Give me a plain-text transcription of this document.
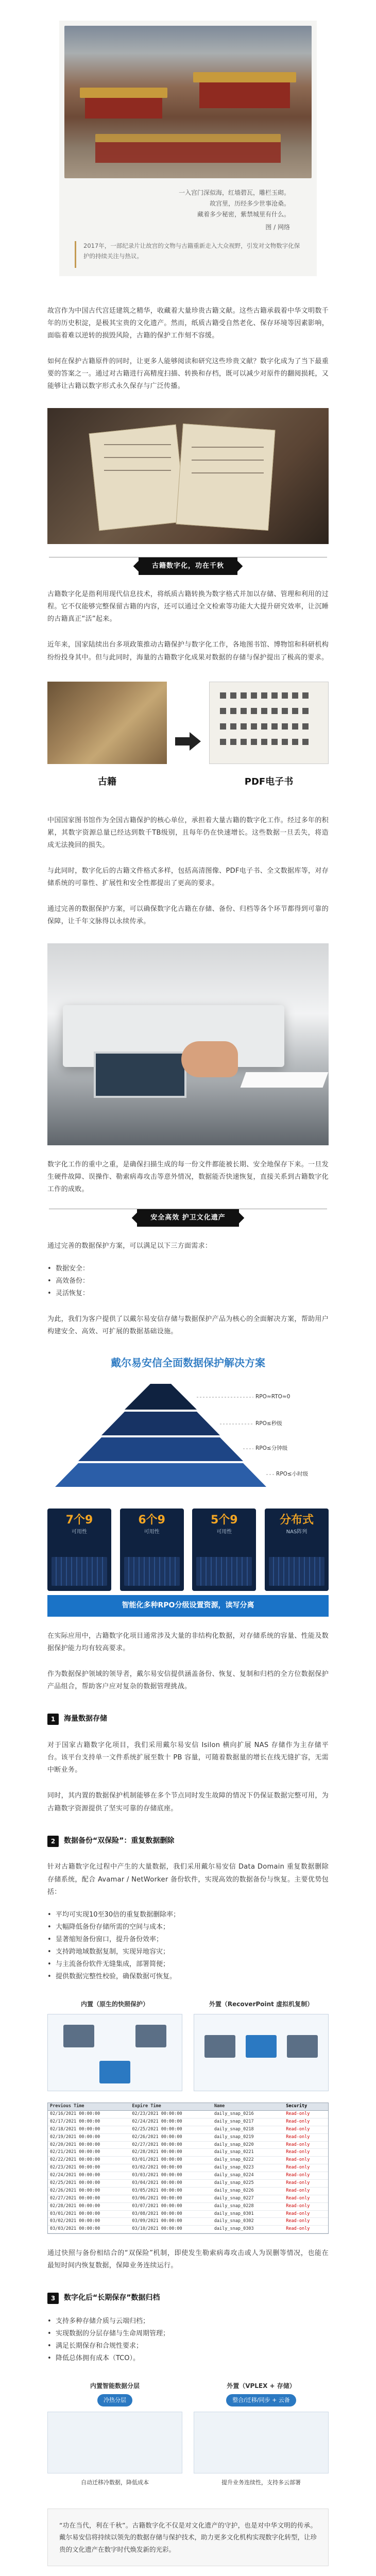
一入宫门深似海，红墙碧瓦，雕栏玉砌。
故宫里，历经多少世事沧桑。
藏着多少秘密，紫禁城里有什么。
图 / 网络
2017年，一部纪录片让故宫的文物与古籍重新走入大众视野，引发对文物数字化保护的持续关注与热议。

故宫作为中国古代宫廷建筑之精华，收藏着大量珍贵古籍文献。这些古籍承载着中华文明数千年的历史积淀，是极其宝贵的文化遗产。然而，纸质古籍受自然老化、保存环境等因素影响，面临着难以逆转的损毁风险，古籍的保护工作刻不容缓。

如何在保护古籍原件的同时，让更多人能够阅读和研究这些珍贵文献？数字化成为了当下最重要的答案之一。通过对古籍进行高精度扫描、转换和存档，既可以减少对原件的翻阅损耗，又能够让古籍以数字形式永久保存与广泛传播。

古籍数字化，功在千秋

古籍数字化是指利用现代信息技术，将纸质古籍转换为数字格式并加以存储、管理和利用的过程。它不仅能够完整保留古籍的内容，还可以通过全文检索等功能大大提升研究效率，让沉睡的古籍真正“活”起来。

近年来，国家陆续出台多项政策推动古籍保护与数字化工作，各地图书馆、博物馆和科研机构纷纷投身其中。但与此同时，海量的古籍数字化成果对数据的存储与保护提出了极高的要求。

古籍	PDF电子书

中国国家图书馆作为全国古籍保护的核心单位，承担着大量古籍的数字化工作。经过多年的积累，其数字资源总量已经达到数千TB级别，且每年仍在快速增长。这些数据一旦丢失，将造成无法挽回的损失。

与此同时，数字化后的古籍文件格式多样，包括高清图像、PDF电子书、全文数据库等，对存储系统的可靠性、扩展性和安全性都提出了更高的要求。

通过完善的数据保护方案，可以确保数字化古籍在存储、备份、归档等各个环节都得到可靠的保障，让千年文脉得以永续传承。

数字化工作的重中之重，是确保扫描生成的每一份文件都能被长期、安全地保存下来。一旦发生硬件故障、误操作、勒索病毒攻击等意外情况，数据能否快速恢复，直接关系到古籍数字化工作的成败。

安全高效 护卫文化遗产

通过完善的数据保护方案，可以满足以下三方面需求：

• 数据安全：
• 高效备份：
• 灵活恢复：

为此，我们为客户提供了以戴尔易安信存储与数据保护产品为核心的全面解决方案，帮助用户构建安全、高效、可扩展的数据基础设施。

戴尔易安信全面数据保护解决方案
RPO≈RTO≈0
RPO≤秒级
RPO≤分钟级
RPO≤小时级
7个9
可用性
6个9
可用性
5个9
可用性
分布式
NAS阵列
智能化多种RPO分级设置资源，读写分离

在实际应用中，古籍数字化项目通常涉及大量的非结构化数据，对存储系统的容量、性能及数据保护能力均有较高要求。

作为数据保护领域的领导者，戴尔易安信提供涵盖备份、恢复、复制和归档的全方位数据保护产品组合，帮助客户应对复杂的数据管理挑战。

1	海量数据存储

对于国家古籍数字化项目，我们采用戴尔易安信 Isilon 横向扩展 NAS 存储作为主存储平台。该平台支持单一文件系统扩展至数十 PB 容量，可随着数据量的增长在线无缝扩容，无需中断业务。

同时，其内置的数据保护机制能够在多个节点同时发生故障的情况下仍保证数据完整可用，为古籍数字资源提供了坚实可靠的存储底座。

2	数据备份“双保险”：重复数据删除

针对古籍数字化过程中产生的大量数据，我们采用戴尔易安信 Data Domain 重复数据删除存储系统，配合 Avamar / NetWorker 备份软件，实现高效的数据备份与恢复。主要优势包括：

• 平均可实现10至30倍的重复数据删除率；
• 大幅降低备份存储所需的空间与成本；
• 显著缩短备份窗口，提升备份效率；
• 支持跨地域数据复制，实现异地容灾；
• 与主流备份软件无缝集成，部署简便；
• 提供数据完整性校验，确保数据可恢复。
内置（原生的快照保护）	外置（RecoverPoint 虚拟机复制）
Previous Time	Expire Time	Name	Security
02/16/2021 00:00:00	02/23/2021 00:00:00	daily_snap_0216	Read-only
02/17/2021 00:00:00	02/24/2021 00:00:00	daily_snap_0217	Read-only
02/18/2021 00:00:00	02/25/2021 00:00:00	daily_snap_0218	Read-only
02/19/2021 00:00:00	02/26/2021 00:00:00	daily_snap_0219	Read-only
02/20/2021 00:00:00	02/27/2021 00:00:00	daily_snap_0220	Read-only
02/21/2021 00:00:00	02/28/2021 00:00:00	daily_snap_0221	Read-only
02/22/2021 00:00:00	03/01/2021 00:00:00	daily_snap_0222	Read-only
02/23/2021 00:00:00	03/02/2021 00:00:00	daily_snap_0223	Read-only
02/24/2021 00:00:00	03/03/2021 00:00:00	daily_snap_0224	Read-only
02/25/2021 00:00:00	03/04/2021 00:00:00	daily_snap_0225	Read-only
02/26/2021 00:00:00	03/05/2021 00:00:00	daily_snap_0226	Read-only
02/27/2021 00:00:00	03/06/2021 00:00:00	daily_snap_0227	Read-only
02/28/2021 00:00:00	03/07/2021 00:00:00	daily_snap_0228	Read-only
03/01/2021 00:00:00	03/08/2021 00:00:00	daily_snap_0301	Read-only
03/02/2021 00:00:00	03/09/2021 00:00:00	daily_snap_0302	Read-only
03/03/2021 00:00:00	03/10/2021 00:00:00	daily_snap_0303	Read-only

通过快照与备份相结合的“双保险”机制，即使发生勒索病毒攻击或人为误删等情况，也能在最短时间内恢复数据，保障业务连续运行。

3	数字化后“长期保存”数据归档
• 支持多种存储介质与云端归档；
• 实现数据的分层存储与生命周期管理；
• 满足长期保存和合规性要求；
• 降低总体拥有成本（TCO）。
内置智能数据分层
冷热分层
自动迁移冷数据，降低成本
外置（VPLEX + 存储）
整合/迁移/同步 + 云备
提升业务连续性，支持多云部署
“功在当代，利在千秋”。古籍数字化不仅是对文化遗产的守护，也是对中华文明的传承。戴尔易安信将持续以领先的数据存储与保护技术，助力更多文化机构实现数字化转型，让珍贵的文化遗产在数字时代焕发新的光彩。
